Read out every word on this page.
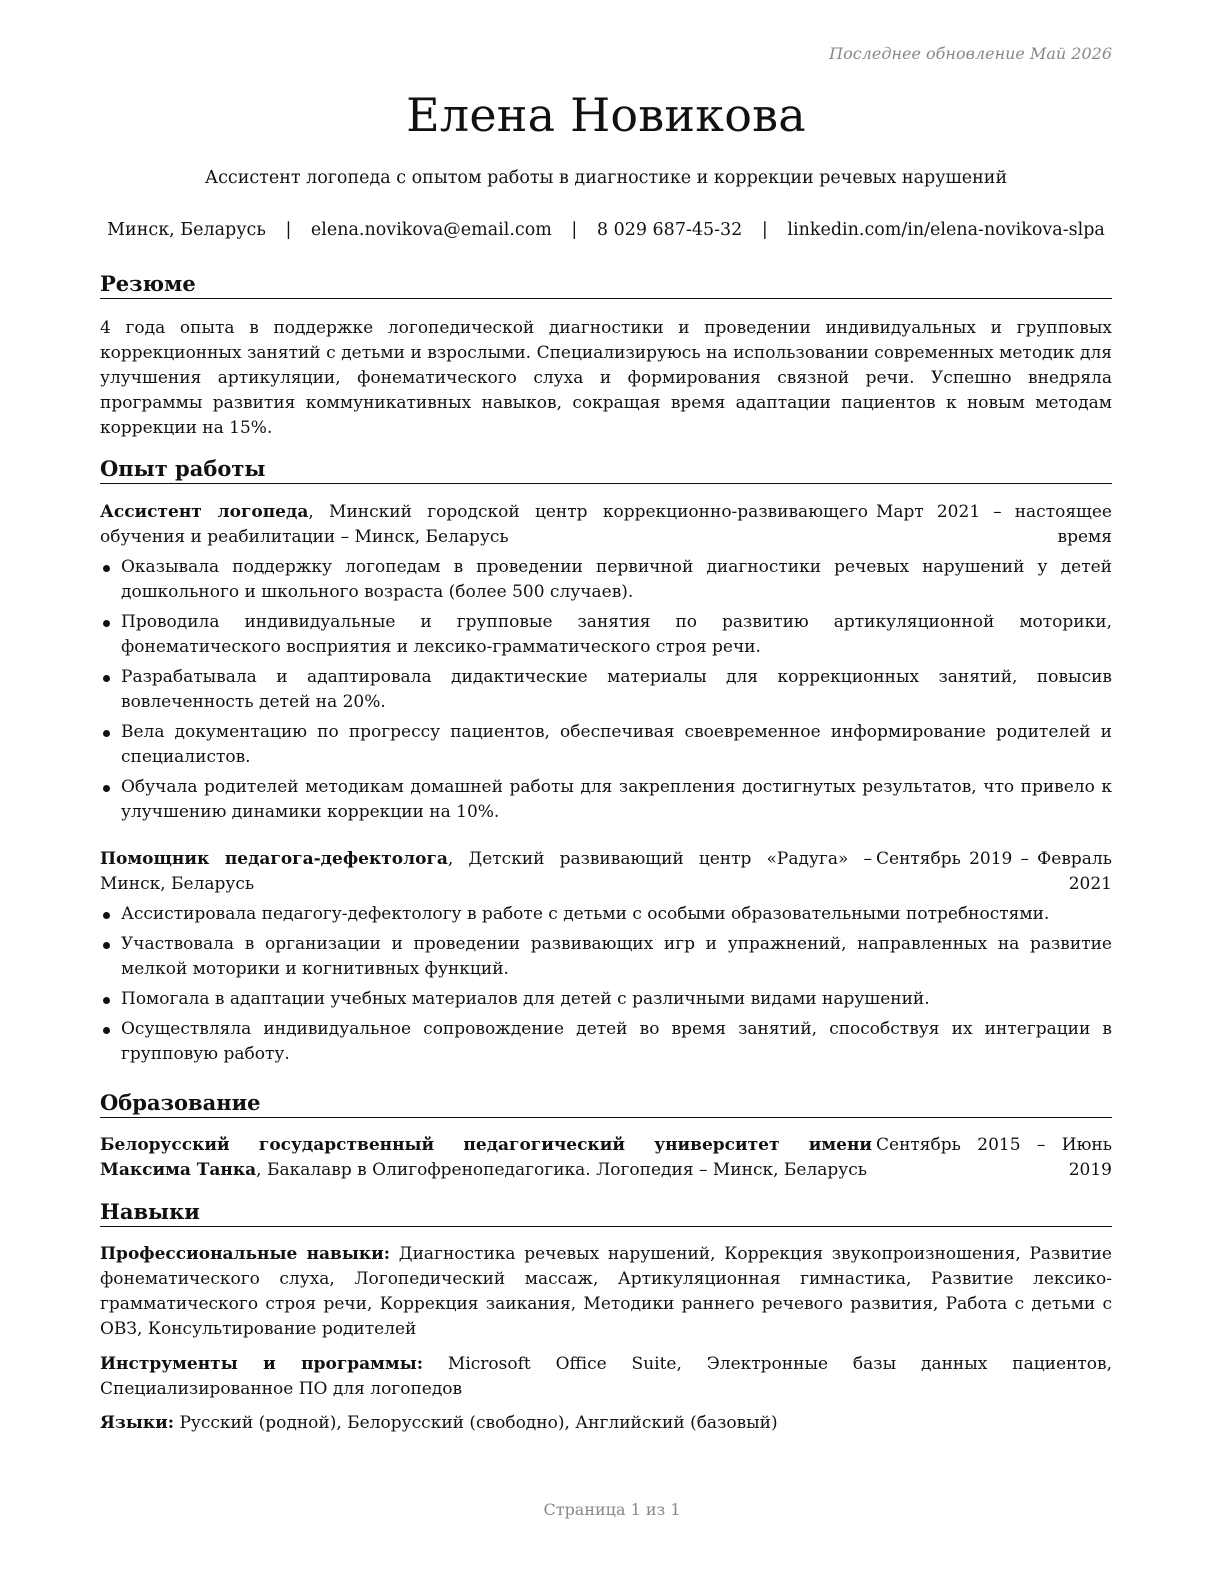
Последнее обновление Май 2026
Елена Новикова
Ассистент логопеда с опытом работы в диагностике и коррекции речевых нарушений
Минск, Беларусь | elena.novikova@email.com | 8 029 687-45-32 | linkedin.com/in/elena-novikova-slpa
Резюме
4 года опыта в поддержке логопедической диагностики и проведении индивидуальных и групповых коррекционных занятий с детьми и взрослыми. Специализируюсь на использовании современных методик для улучшения артикуляции, фонематического слуха и формирования связной речи. Успешно внедряла программы развития коммуникативных навыков, сокращая время адаптации пациентов к новым методам коррекции на 15%.
Опыт работы
Ассистент логопеда, Минский городской центр коррекционно-развивающего обучения и реабилитации – Минск, Беларусь
Март 2021 – настоящее время
Оказывала поддержку логопедам в проведении первичной диагностики речевых нарушений у детей дошкольного и школьного возраста (более 500 случаев).
Проводила индивидуальные и групповые занятия по развитию артикуляционной моторики, фонематического восприятия и лексико-грамматического строя речи.
Разрабатывала и адаптировала дидактические материалы для коррекционных занятий, повысив вовлеченность детей на 20%.
Вела документацию по прогрессу пациентов, обеспечивая своевременное информирование родителей и специалистов.
Обучала родителей методикам домашней работы для закрепления достигнутых результатов, что привело к улучшению динамики коррекции на 10%.
Помощник педагога-дефектолога, Детский развивающий центр «Радуга» – Минск, Беларусь
Сентябрь 2019 – Февраль 2021
Ассистировала педагогу-дефектологу в работе с детьми с особыми образовательными потребностями.
Участвовала в организации и проведении развивающих игр и упражнений, направленных на развитие мелкой моторики и когнитивных функций.
Помогала в адаптации учебных материалов для детей с различными видами нарушений.
Осуществляла индивидуальное сопровождение детей во время занятий, способствуя их интеграции в групповую работу.
Образование
Белорусский государственный педагогический университет имени Максима Танка, Бакалавр в Олигофренопедагогика. Логопедия – Минск, Беларусь
Сентябрь 2015 – Июнь 2019
Навыки
Профессиональные навыки: Диагностика речевых нарушений, Коррекция звукопроизношения, Развитие фонематического слуха, Логопедический массаж, Артикуляционная гимнастика, Развитие лексико-грамматического строя речи, Коррекция заикания, Методики раннего речевого развития, Работа с детьми с ОВЗ, Консультирование родителей
Инструменты и программы: Microsoft Office Suite, Электронные базы данных пациентов, Специализированное ПО для логопедов
Языки: Русский (родной), Белорусский (свободно), Английский (базовый)
Страница 1 из 1
